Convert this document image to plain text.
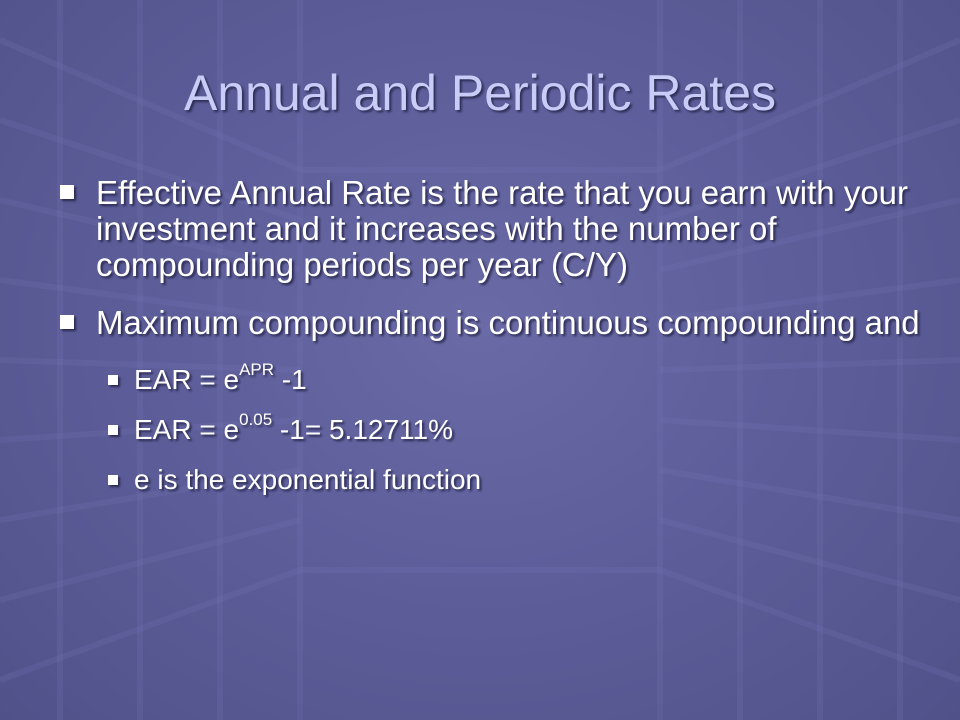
Annual and Periodic Rates
Effective Annual Rate is the rate that you earn with your investment and it increases with the number of compounding periods per year (C/Y)
Maximum compounding is continuous compounding and
EAR = $e^{APR}$ -1
EAR = $e^{0.05}$ -1= 5.12711%
e is the exponential function
